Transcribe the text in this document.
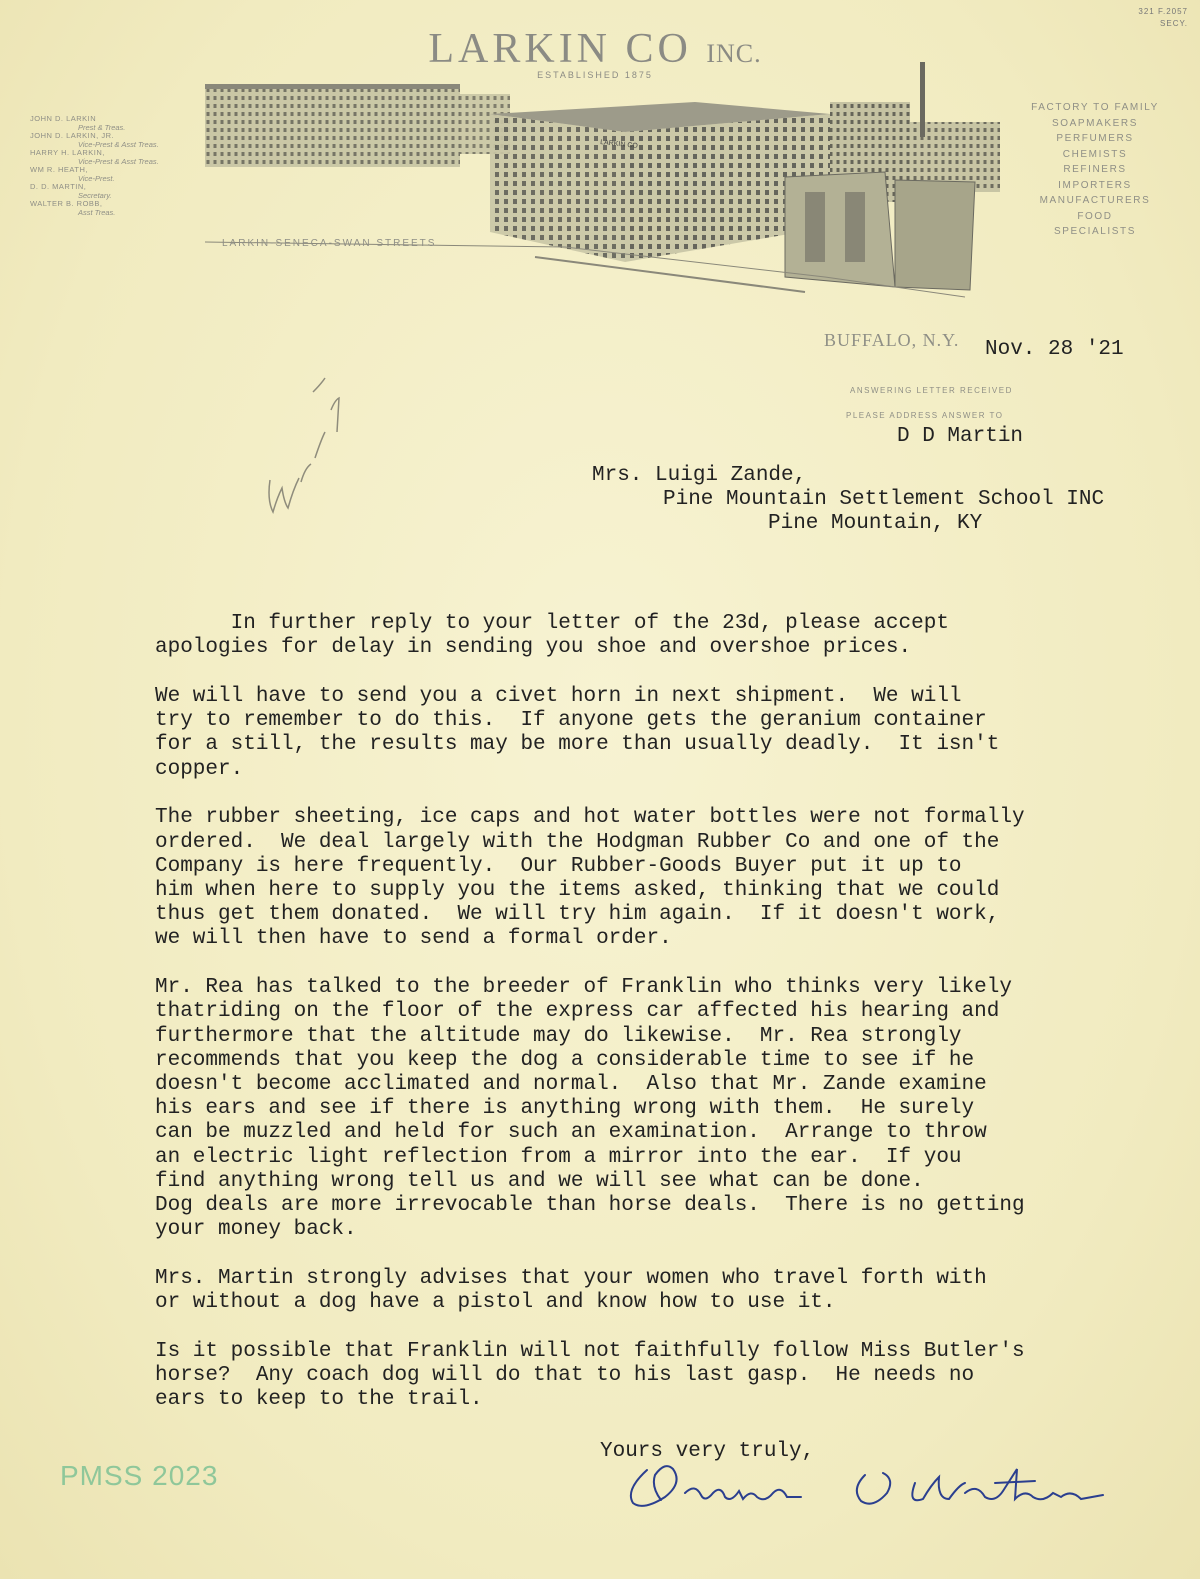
321 F.2057
SECY.
LARKIN CO INC.
ESTABLISHED 1875
JOHN D. LARKIN
Prest & Treas.
JOHN D. LARKIN, JR.
Vice-Prest & Asst Treas.
HARRY H. LARKIN,
Vice-Prest & Asst Treas.
WM R. HEATH,
Vice-Prest.
D. D. MARTIN,
Secretary.
WALTER B. ROBB,
Asst Treas.
LARKIN CO
LARKIN-SENECA-SWAN STREETS
FACTORY TO FAMILY
SOAPMAKERS
PERFUMERS
CHEMISTS
REFINERS
IMPORTERS
MANUFACTURERS
FOOD
SPECIALISTS
BUFFALO, N.Y. Nov. 28 '21
ANSWERING LETTER RECEIVED
PLEASE ADDRESS ANSWER TO
D D Martin
Mrs. Luigi Zande,
Pine Mountain Settlement School INC
Pine Mountain, KY

In further reply to your letter of the 23d, please accept
apologies for delay in sending you shoe and overshoe prices.

We will have to send you a civet horn in next shipment.  We will
try to remember to do this.  If anyone gets the geranium container
for a still, the results may be more than usually deadly.  It isn't
copper.

The rubber sheeting, ice caps and hot water bottles were not formally
ordered.  We deal largely with the Hodgman Rubber Co and one of the
Company is here frequently.  Our Rubber-Goods Buyer put it up to
him when here to supply you the items asked, thinking that we could
thus get them donated.  We will try him again.  If it doesn't work,
we will then have to send a formal order.

Mr. Rea has talked to the breeder of Franklin who thinks very likely
thatriding on the floor of the express car affected his hearing and
furthermore that the altitude may do likewise.  Mr. Rea strongly
recommends that you keep the dog a considerable time to see if he
doesn't become acclimated and normal.  Also that Mr. Zande examine
his ears and see if there is anything wrong with them.  He surely
can be muzzled and held for such an examination.  Arrange to throw
an electric light reflection from a mirror into the ear.  If you
find anything wrong tell us and we will see what can be done.
Dog deals are more irrevocable than horse deals.  There is no getting
your money back.

Mrs. Martin strongly advises that your women who travel forth with
or without a dog have a pistol and know how to use it.

Is it possible that Franklin will not faithfully follow Miss Butler's
horse?  Any coach dog will do that to his last gasp.  He needs no
ears to keep to the trail.

Yours very truly,
PMSS 2023
